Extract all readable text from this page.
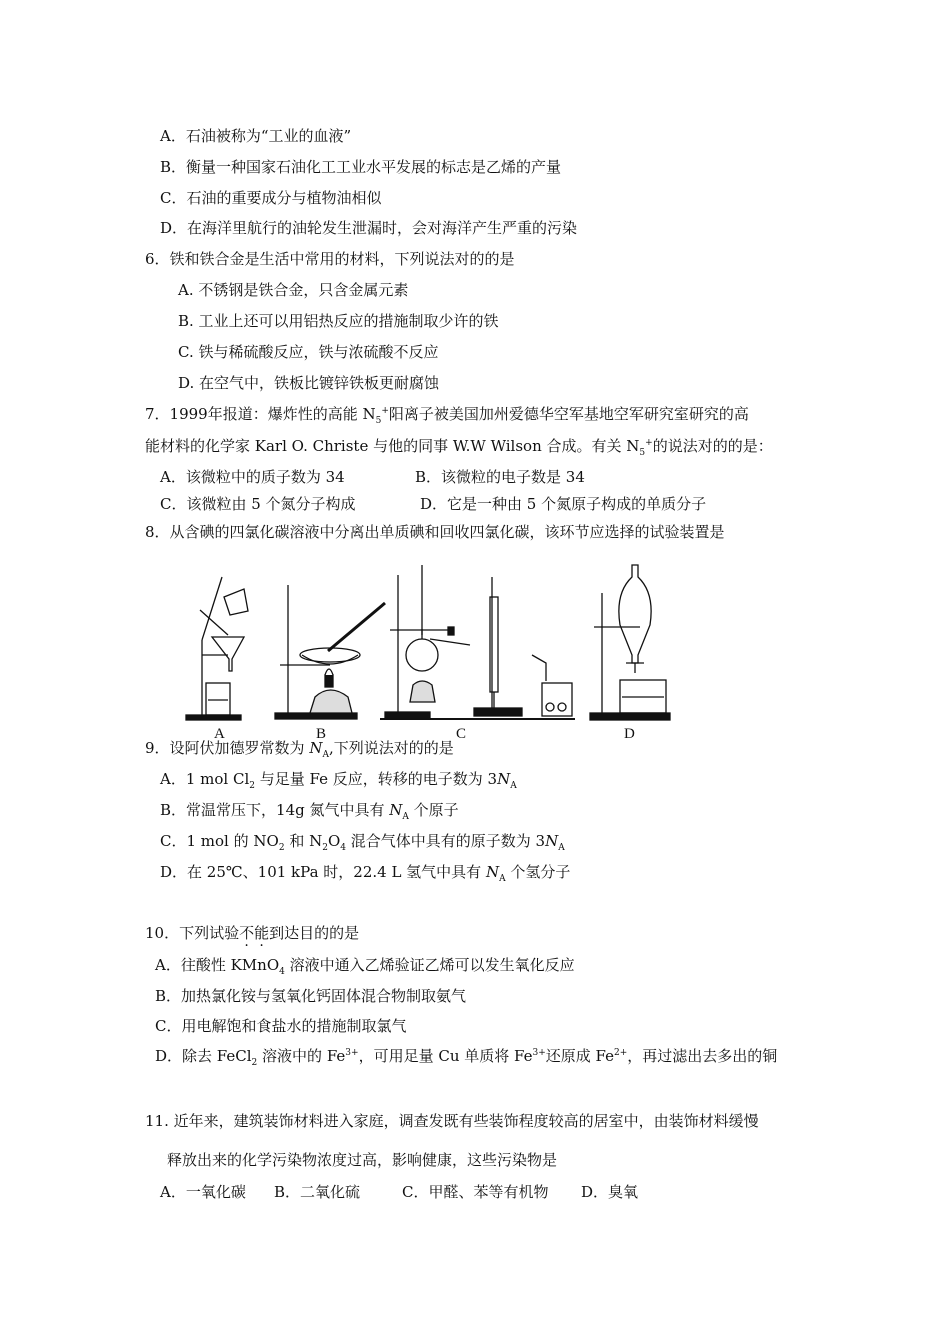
A．石油被称为“工业的血液”
B．衡量一种国家石油化工工业水平发展的标志是乙烯的产量
C．石油的重要成分与植物油相似
D．在海洋里航行的油轮发生泄漏时，会对海洋产生严重的污染
6．铁和铁合金是生活中常用的材料，下列说法对的的是
A. 不锈钢是铁合金，只含金属元素
B. 工业上还可以用铝热反应的措施制取少许的铁
C. 铁与稀硫酸反应，铁与浓硫酸不反应
D. 在空气中，铁板比镀锌铁板更耐腐蚀
7．1999年报道：爆炸性的高能 $N_5^+$阳离子被美国加州爱德华空军基地空军研究室研究的高
能材料的化学家 Karl O. Christe 与他的同事 W.W Wilson 合成。有关 $N_5^+$的说法对的的是：
A．该微粒中的质子数为 34	B．该微粒的电子数是 34
C．该微粒由 5 个氮分子构成	D．它是一种由 5 个氮原子构成的单质分子
8．从含碘的四氯化碳溶液中分离出单质碘和回收四氯化碳，该环节应选择的试验装置是
A	B	C	D
9．设阿伏加德罗常数为 $N_A$,下列说法对的的是
A．1 mol $Cl_2$ 与足量 Fe 反应，转移的电子数为 $3N_A$
B．常温常压下，14g 氮气中具有 $N_A$ 个原子
C．1 mol 的 $NO_2$ 和 $N_2O_4$ 混合气体中具有的原子数为 $3N_A$
D．在 25℃、101 kPa 时，22.4 L 氢气中具有 $N_A$ 个氢分子
10．下列试验不能到达目的的是
A．往酸性 KMnO$_4$ 溶液中通入乙烯验证乙烯可以发生氧化反应
B．加热氯化铵与氢氧化钙固体混合物制取氨气
C．用电解饱和食盐水的措施制取氯气
D．除去 FeCl$_2$ 溶液中的 $Fe^{3+}$，可用足量 Cu 单质将 $Fe^{3+}$还原成 $Fe^{2+}$，再过滤出去多出的铜
11. 近年来，建筑装饰材料进入家庭，调查发既有些装饰程度较高的居室中，由装饰材料缓慢
释放出来的化学污染物浓度过高，影响健康，这些污染物是
A．一氧化碳 B．二氧化硫	C．甲醛、苯等有机物 D．臭氧
